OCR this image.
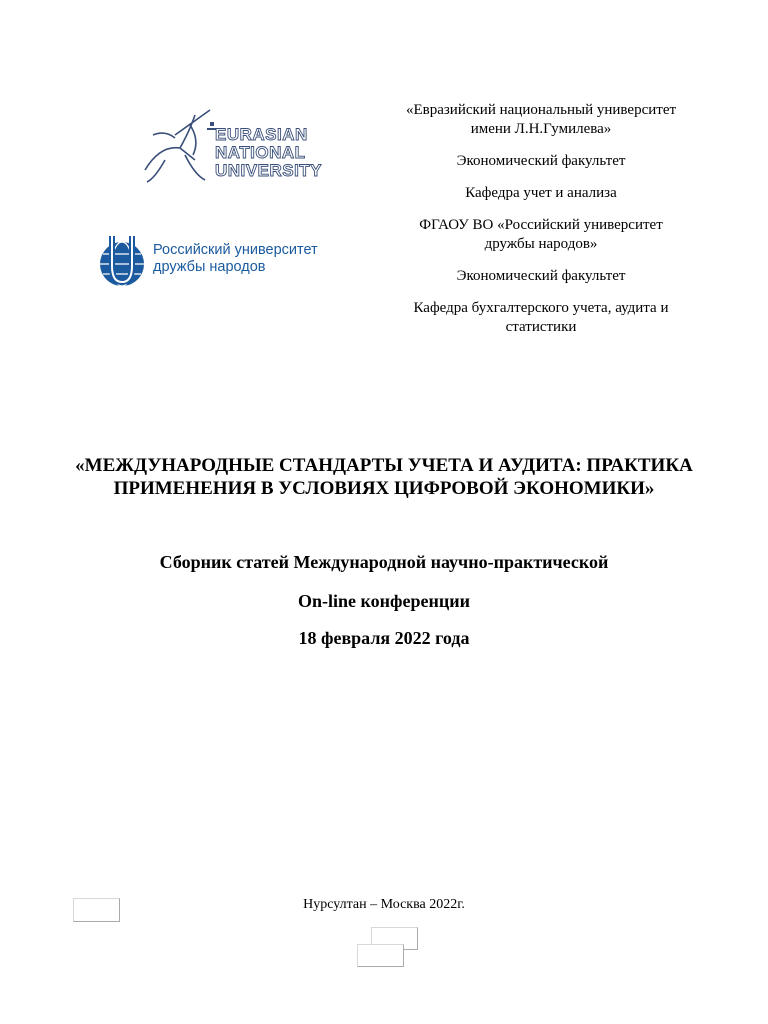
EURASIAN
NATIONAL
UNIVERSITY
Российский университет
дружбы народов

«Евразийский национальный университет имени Л.Н.Гумилева»

Экономический факультет

Кафедра учет и анализа

ФГАОУ ВО «Российский университет дружбы народов»

Экономический факультет

Кафедра бухгалтерского учета, аудита и статистики

«МЕЖДУНАРОДНЫЕ СТАНДАРТЫ УЧЕТА И АУДИТА: ПРАКТИКА ПРИМЕНЕНИЯ В УСЛОВИЯХ ЦИФРОВОЙ ЭКОНОМИКИ»
Сборник статей Международной научно-практической
On-line конференции
18 февраля 2022 года
Нурсултан – Москва 2022г.
